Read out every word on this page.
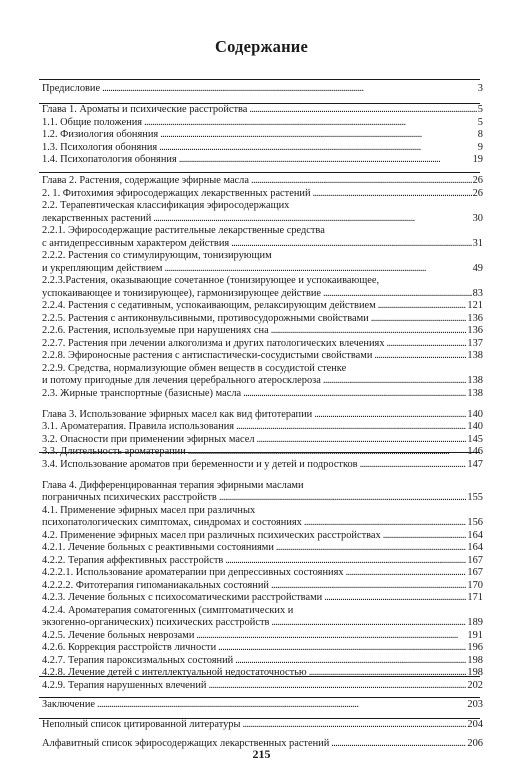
Содержание
Предисловие . . .	3
Глава 1. Ароматы и психические расстройства . . .	5
1.1. Общие положения . . .	5
1.2. Физиология обоняния . . .	8
1.3. Психология обоняния . . .	9
1.4. Психопатология обоняния . . .	19
Глава 2. Растения, содержащие эфирные масла . . .	26
2. 1. Фитохимия эфиросодержащих лекарственных растений . . .	26
2.2. Терапевтическая классификация эфиросодержащих
лекарственных растений . . .	30
2.2.1. Эфиросодержащие растительные лекарственные средства
с антидепрессивным характером действия . . .	31
2.2.2. Растения со стимулирующим, тонизирующим
и укрепляющим действием . . .	49
2.2.3.Растения, оказывающие сочетанное (тонизирующее и успокаивающее,
успокаивающее и тонизирующее), гармонизирующее действие . . .	83
2.2.4. Растения с седативным, успокаивающим, релаксирующим действием . . .	121
2.2.5. Растения с антиконвульсивными, противосудорожными свойствами . . .	136
2.2.6. Растения, используемые при нарушениях сна . . .	136
2.2.7. Растения при лечении алкоголизма и других патологических влечениях . . .	137
2.2.8. Эфироносные растения с антиспастически-сосудистыми свойствами . . .	138
2.2.9. Средства, нормализующие обмен веществ в сосудистой стенке
и потому пригодные для лечения церебрального атеросклероза . . .	138
2.3. Жирные транспортные (базисные) масла . . .	138
Глава 3. Использование эфирных масел как вид фитотерапии . . .	140
3.1. Ароматерапия. Правила использования . . .	140
3.2. Опасности при применении эфирных масел . . .	145
3.3. Длительность ароматерапии . . .	146
3.4. Использование ароматов при беременности и у детей и подростков . . .	147
Глава 4. Дифференцированная терапия эфирными маслами
пограничных психических расстройств . . .	155
4.1. Применение эфирных масел при различных
психопатологических симптомах, синдромах и состояниях . . .	156
4.2. Применение эфирных масел при различных психических расстройствах . . .	164
4.2.1. Лечение больных с реактивными состояниями . . .	164
4.2.2. Терапия аффективных расстройств . . .	167
4.2.2.1. Использование ароматерапии при депрессивных состояниях . . .	167
4.2.2.2. Фитотерапия гипоманиакальных состояний . . .	170
4.2.3. Лечение больных с психосоматическими расстройствами . . .	171
4.2.4. Ароматерапия соматогенных (симптоматических и
экзогенно-органических) психических расстройств . . .	189
4.2.5. Лечение больных неврозами . . .	191
4.2.6. Коррекция расстройств личности . . .	196
4.2.7. Терапия пароксизмальных состояний . . .	198
4.2.8. Лечение детей с интеллектуальной недостаточностью . . .	198
4.2.9. Терапия нарушенных влечений . . .	202
Заключение . . .	203
Неполный список цитированной литературы . . .	204
Алфавитный список эфиросодержащих лекарственных растений . . .	206
215
